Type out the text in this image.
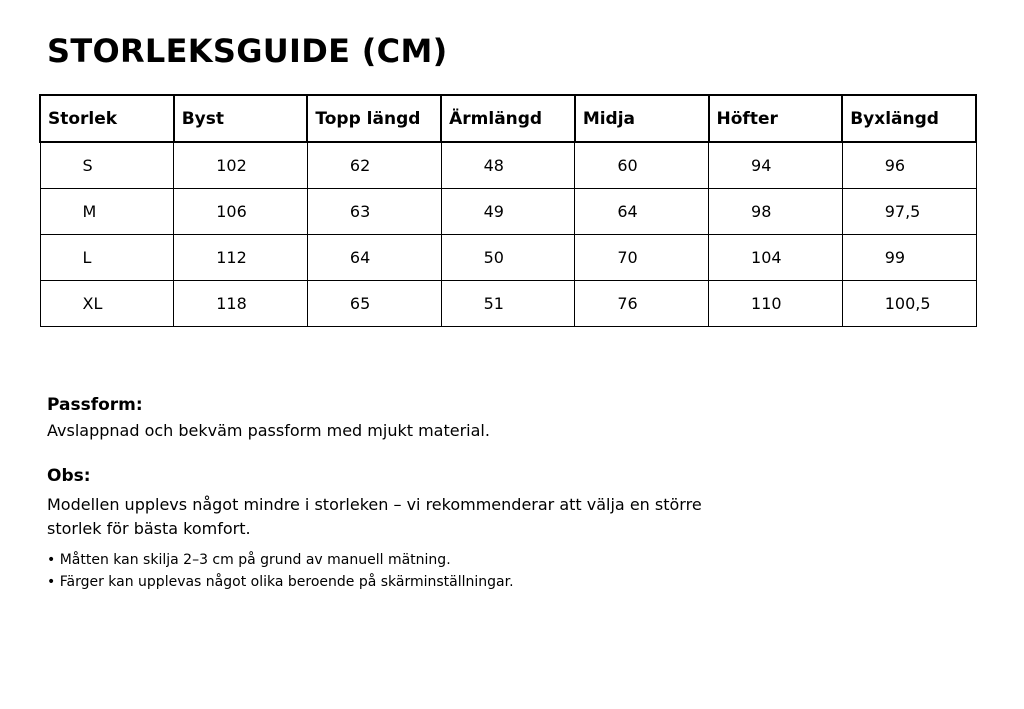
STORLEKSGUIDE (CM)
Storlek	Byst	Topp längd	Ärmlängd	Midja	Höfter	Byxlängd
S	102	62	48	60	94	96
M	106	63	49	64	98	97,5
L	112	64	50	70	104	99
XL	118	65	51	76	110	100,5
Passform:

Avslappnad och bekväm passform med mjukt material.

Obs:

Modellen upplevs något mindre i storleken – vi rekommenderar att välja en större

storlek för bästa komfort.

• Måtten kan skilja 2–3 cm på grund av manuell mätning.
• Färger kan upplevas något olika beroende på skärminställningar.
